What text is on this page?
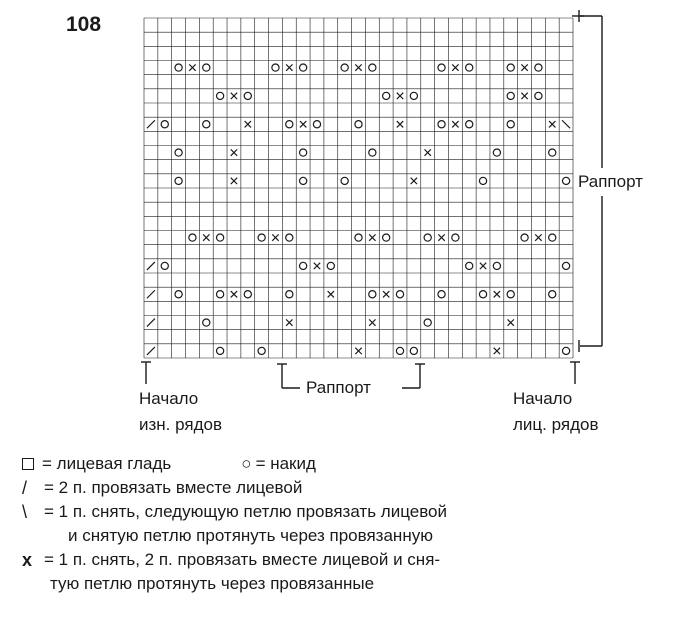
108
Раппорт
Раппорт
Начало
изн. рядов
Начало
лиц. рядов
= лицевая гладь	○ = накид
/ = 2 п. провязать вместе лицевой
\ = 1 п. снять, следующую петлю провязать лицевой
и снятую петлю протянуть через провязанную
x = 1 п. снять, 2 п. провязать вместе лицевой и сня-
тую петлю протянуть через провязанные
